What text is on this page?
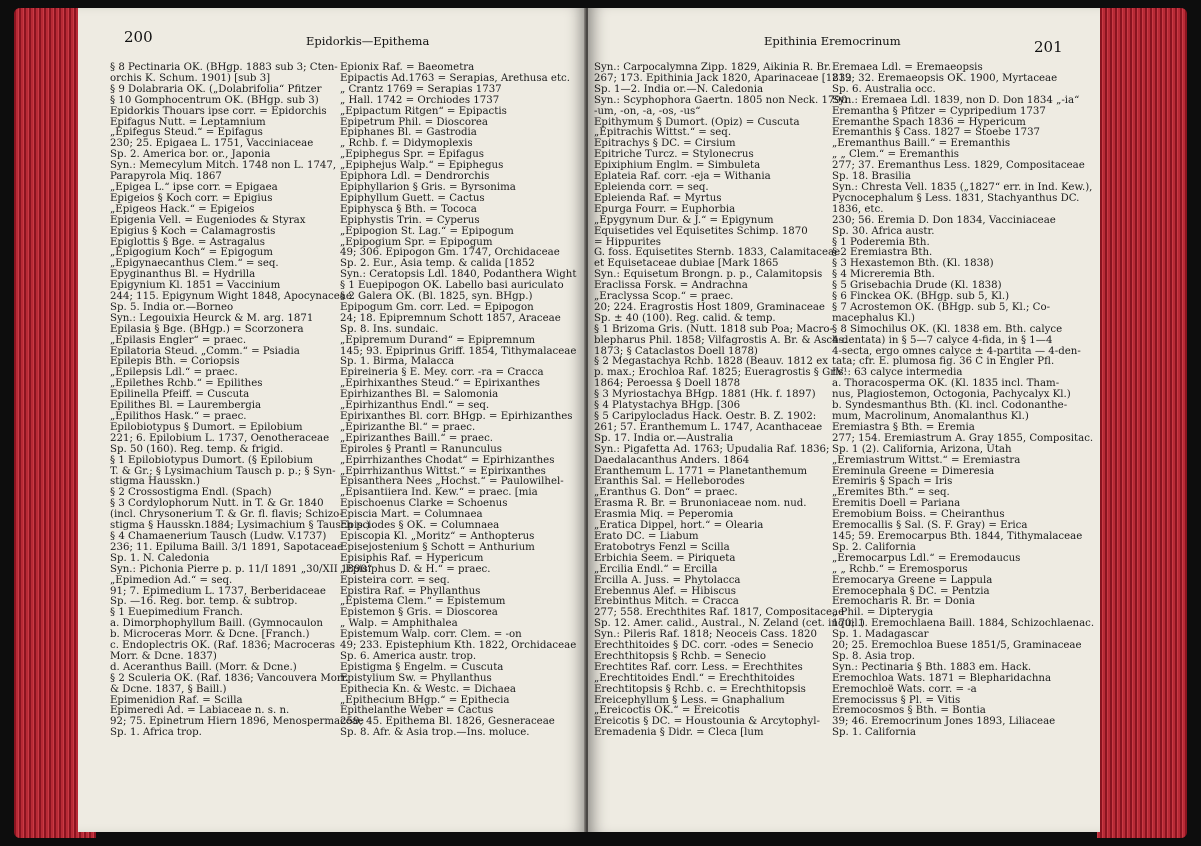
200	Epidorkis—Epithema
§ 8 Pectinaria OK. (BHgp. 1883 sub 3; Cten-
orchis K. Schum. 1901) [sub 3]
§ 9 Dolabraria OK. („Dolabrifolia“ Pfitzer
§ 10 Gomphocentrum OK. (BHgp. sub 3)
Epidorkis Thouars ipse corr. = Epidorchis
Epifagus Nutt. = Leptamnium
„Epifegus Steud.“ = Epifagus
230; 25. Epigaea L. 1751, Vacciniaceae
Sp. 2. America bor. or., Japonia
Syn.: Memecylum Mitch. 1748 non L. 1747,
Parapyrola Miq. 1867
„Epigea L.“ ipse corr. = Epigaea
Epigeios § Koch corr. = Epigius
„Epigeos Hack.“ = Epigeios
Epigenia Vell. = Eugeniodes & Styrax
Epigius § Koch = Calamagrostis
Epiglottis § Bge. = Astragalus
„Epigogium Koch“ = Epigogum
„Epigynaecanthus Clem.“ = seq.
Epyginanthus Bl. = Hydrilla
Epigynium Kl. 1851 = Vaccinium
244; 115. Epigynum Wight 1848, Apocynaceae
Sp. 5. India or.—Borneo
Syn.: Legouixia Heurck & M. arg. 1871
Epilasia § Bge. (BHgp.) = Scorzonera
„Epilasis Engler“ = praec.
Epilatoria Steud. „Comm.“ = Psiadia
Epilepis Bth. = Coriopsis
„Epilepsis Ldl.“ = praec.
„Epilethes Rchb.“ = Epilithes
Epilinella Pfeiff. = Cuscuta
Epilithes Bl. = Laurembergia
„Epilithos Hask.“ = praec.
Epilobiotypus § Dumort. = Epilobium
221; 6. Epilobium L. 1737, Oenotheraceae
Sp. 50 (160). Reg. temp. & frigid.
§ 1 Epilobiotypus Dumort. (§ Epilobium
T. & Gr.; § Lysimachium Tausch p. p.; § Syn-
stigma Hausskn.)
§ 2 Crossostigma Endl. (Spach)
§ 3 Cordylophorum Nutt. in T. & Gr. 1840
(incl. Chrysonerium T. & Gr. fl. flavis; Schizo-
stigma § Hausskn.1884; Lysimachium § Tausch p.)
§ 4 Chamaenerium Tausch (Ludw. V.1737)
236; 11. Epiluma Baill. 3/1 1891, Sapotaceae
Sp. 1. N. Caledonia
Syn.: Pichonia Pierre p. p. 11/I 1891 „30/XII 1890“
„Epimedion Ad.“ = seq.
91; 7. Epimedium L. 1737, Berberidaceae
Sp. —16. Reg. bor. temp. & subtrop.
§ 1 Euepimedium Franch.
a. Dimorphophyllum Baill. (Gymnocaulon
b. Microceras Morr. & Dcne. [Franch.)
c. Endoplectris OK. (Raf. 1836; Macroceras
Morr. & Dcne. 1837)
d. Aceranthus Baill. (Morr. & Dcne.)
§ 2 Sculeria OK. (Raf. 1836; Vancouvera Morr.
& Dcne. 1837, § Baill.)
Epimenidion Raf. = Scilla
Epimeredi Ad. = Labiaceae n. s. n.
92; 75. Epinetrum Hiern 1896, Menospermaceae
Sp. 1. Africa trop.
Epionix Raf. = Baeometra
Epipactis Ad.1763 = Serapias, Arethusa etc.
„ Crantz 1769 = Serapias 1737
„ Hall. 1742 = Orchiodes 1737
„Epipactum Ritgen“ = Epipactis
Epipetrum Phil. = Dioscorea
Epiphanes Bl. = Gastrodia
„ Rchb. f. = Didymoplexis
„Epiphegus Spr. = Epifagus
„Epiphejus Walp.“ = Epiphegus
Epiphora Ldl. = Dendrorchis
Epiphyllarion § Gris. = Byrsonima
Epiphyllum Guett. = Cactus
Epiphysca § Bth. = Tococa
Epiphystis Trin. = Cyperus
„Epipogion St. Lag.“ = Epipogum
„Epipogium Spr. = Epipogum
49; 306. Epipogon Gm. 1747, Orchidaceae
Sp. 2. Eur., Asia temp. & calida [1852
Syn.: Ceratopsis Ldl. 1840, Podanthera Wight
§ 1 Euepipogon OK. Labello basi auriculato
§ 2 Galera OK. (Bl. 1825, syn. BHgp.)
Epipogum Gm. corr. Led. = Epipogon
24; 18. Epipremnum Schott 1857, Araceae
Sp. 8. Ins. sundaic.
„Epipremum Durand“ = Epipremnum
145; 93. Epiprinus Griff. 1854, Tithymalaceae
Sp. 1. Birma, Malacca
Epireineria § E. Mey. corr. -ra = Cracca
„Epirhixanthes Steud.“ = Epirixanthes
Epirhizanthes Bl. = Salomonia
„Epirhizanthus Endl.“ = seq.
Epirixanthes Bl. corr. BHgp. = Epirhizanthes
„Epirizanthe Bl.“ = praec.
„Epirizanthes Baill.“ = praec.
Epiroles § Prantl = Ranunculus
„Epirrhizanthes Chodat“ = Epirhizanthes
„Epirrhizanthus Wittst.“ = Epirixanthes
Episanthera Nees „Hochst.“ = Paulowilhel-
„Episantiiera Ind. Kew.“ = praec. [mia
Epischoenus Clarke = Schoenus
Episcia Mart. = Columnaea
Episciodes § OK. = Columnaea
Episcopia Kl. „Moritz“ = Anthopterus
Episejostenium § Schott = Anthurium
Episiphis Raf. = Hypericum
„Episiphus D. & H.“ = praec.
Episteira corr. = seq.
Epistira Raf. = Phyllanthus
„Epistema Clem.“ = Epistemum
Epistemon § Gris. = Dioscorea
„ Walp. = Amphithalea
Epistemum Walp. corr. Clem. = -on
49; 233. Epistephium Kth. 1822, Orchidaceae
Sp. 6. America austr. trop.
Epistigma § Engelm. = Cuscuta
Epistylium Sw. = Phyllanthus
Epithecia Kn. & Westc. = Dichaea
„Epithecium BHgp.“ = Epithecia
Epithelanthe Weber = Cactus
259; 45. Epithema Bl. 1826, Gesneraceae
Sp. 8. Afr. & Asia trop.—Ins. moluce.
Epithinia Eremocrinum	201
Syn.: Carpocalymna Zipp. 1829, Aikinia R. Br.
267; 173. Epithinia Jack 1820, Aparinaceae [1832
Sp. 1—2. India or.—N. Caledonia
Syn.: Scyphophora Gaertn. 1805 non Neck. 1790
-um, -on, -a, -os, -us“
Epithymum § Dumort. (Opiz) = Cuscuta
„Epitrachis Wittst.“ = seq.
Epitrachys § DC. = Cirsium
Epitriche Turcz. = Stylonecrus
Epixiphium Englm. = Simbuleta
Eplateia Raf. corr. -eja = Withania
Epleienda corr. = seq.
Epleienda Raf. = Myrtus
Epurga Fourr. = Euphorbia
„Epygynum Dur. & J.“ = Epigynum
Equisetides vel Equisetites Schimp. 1870
= Hippurites
G. foss. Equisetites Sternb. 1833, Calamitaceae
et Equisetaceae dubiae [Mark 1865
Syn.: Equisetum Brongn. p. p., Calamitopsis
Eraclissa Forsk. = Andrachna
„Eraclyssa Scop.“ = praec.
20; 224. Eragrostis Host 1809, Graminaceae
Sp. ± 40 (100). Reg. calid. & temp.
§ 1 Brizoma Gris. (Nutt. 1818 sub Poa; Macro-
blepharus Phil. 1858; Vilfagrostis A. Br. & Aschs.
1873; § Cataclastos Doell 1878)
§ 2 Megastachya Rchb. 1828 (Beauv. 1812 ex
p. max.; Erochloa Raf. 1825; Eueragrostis § Gris.
1864; Peroessa § Doell 1878
§ 3 Myriostachya BHgp. 1881 (Hk. f. 1897)
§ 4 Platystachya BHgp. [306
§ 5 Caripylocladus Hack. Oestr. B. Z. 1902:
261; 57. Eranthemum L. 1747, Acanthaceae
Sp. 17. India or.—Australia
Syn.: Pigafetta Ad. 1763; Upudalia Raf. 1836;
Daedalacanthus Anders. 1864
Eranthemum L. 1771 = Planetanthemum
Eranthis Sal. = Helleborodes
„Eranthus G. Don“ = praec.
Erasma R. Br. = Brunoniaceae nom. nud.
Erasmia Miq. = Peperomia
„Eratica Dippel, hort.“ = Olearia
Erato DC. = Liabum
Eratobotrys Fenzl = Scilla
Erbichia Seem. = Piriqueta
„Ercilia Endl.“ = Ercilla
Ercilla A. Juss. = Phytolacca
Erebennus Alef. = Hibiscus
Erebinthus Mitch. = Cracca
277; 558. Erechthites Raf. 1817, Compositaceae
Sp. 12. Amer. calid., Austral., N. Zeland (cet. inquil.)
Syn.: Pileris Raf. 1818; Neoceis Cass. 1820
Erechthitoides § DC. corr. -odes = Senecio
Erechthitopsis § Rchb. = Senecio
Erechtites Raf. corr. Less. = Erechthites
„Erechtitoides Endl.“ = Erechthitoides
Erechtitopsis § Rchb. c. = Erechthitopsis
Ereicephyllum § Less. = Gnaphalium
„Ereicoctis OK.“ = Ereicotis
Ereicotis § DC. = Houstounia & Arcytophyl-
Eremadenia § Didr. = Cleca [lum
Eremaea Ldl. = Eremaeopsis
219; 32. Eremaeopsis OK. 1900, Myrtaceae
Sp. 6. Australia occ.
Syn.: Eremaea Ldl. 1839, non D. Don 1834 „-ia“
Eremantha § Pfitzer = Cypripedium 1737
Eremanthe Spach 1836 = Hypericum
Eremanthis § Cass. 1827 = Stoebe 1737
„Eremanthus Baill.“ = Eremanthis
„ „ Clem.“ = Eremanthis
277; 37. Eremanthus Less. 1829, Compositaceae
Sp. 18. Brasilia
Syn.: Chresta Vell. 1835 („1827“ err. in Ind. Kew.),
Pycnocephalum § Less. 1831, Stachyanthus DC.
1836, etc.
230; 56. Eremia D. Don 1834, Vacciniaceae
Sp. 30. Africa austr.
§ 1 Poderemia Bth.
§ 2 Eremiastra Bth.
§ 3 Hexastemon Bth. (Kl. 1838)
§ 4 Micreremia Bth.
§ 5 Grisebachia Drude (Kl. 1838)
§ 6 Finckea OK. (BHgp. sub 5, Kl.)
§ 7 Acrostemon OK. (BHgp. sub 5, Kl.; Co-
macephalus Kl.)
§ 8 Simochilus OK. (Kl. 1838 em. Bth. calyce
4-dentata) in § 5—7 calyce 4-fida, in § 1—4
4-secta, ergo omnes calyce ± 4-partita — 4-den-
tata; cfr. E. plumosa fig. 36 C in Engler Pfl.
IV¹: 63 calyce intermedia
a. Thoracosperma OK. (Kl. 1835 incl. Tham-
nus, Plagiostemon, Octogonia, Pachycalyx Kl.)
b. Syndesmanthus Bth. (Kl. incl. Codonanthe-
mum, Macrolinum, Anomalanthus Kl.)
Eremiastra § Bth. = Eremia
277; 154. Eremiastrum A. Gray 1855, Compositac.
Sp. 1 (2). California, Arizona, Utah
„Eremiastrum Wittst.“ = Eremiastra
Ereminula Greene = Dimeresia
Eremiris § Spach = Iris
„Eremites Bth.“ = seq.
Eremitis Doell = Pariana
Eremobium Boiss. = Cheiranthus
Eremocallis § Sal. (S. F. Gray) = Erica
145; 59. Eremocarpus Bth. 1844, Tithymalaceae
Sp. 2. California
„Eremocarpus Ldl.“ = Eremodaucus
„ „ Rchb.“ = Eremosporus
Eremocarya Greene = Lappula
Eremocephala § DC. = Pentzia
Eremocharis R. Br. = Donia
„ Phil. = Dipterygia
170; 1. Eremochlaena Baill. 1884, Schizochlaenac.
Sp. 1. Madagascar
20; 25. Eremochloa Buese 1851/5, Graminaceae
Sp. 8. Asia trop.
Syn.: Pectinaria § Bth. 1883 em. Hack.
Eremochloa Wats. 1871 = Blepharidachna
Eremochloë Wats. corr. = -a
Eremocissus § Pl. = Vitis
Eremocosmos § Bth. = Bontia
39; 46. Eremocrinum Jones 1893, Liliaceae
Sp. 1. California
